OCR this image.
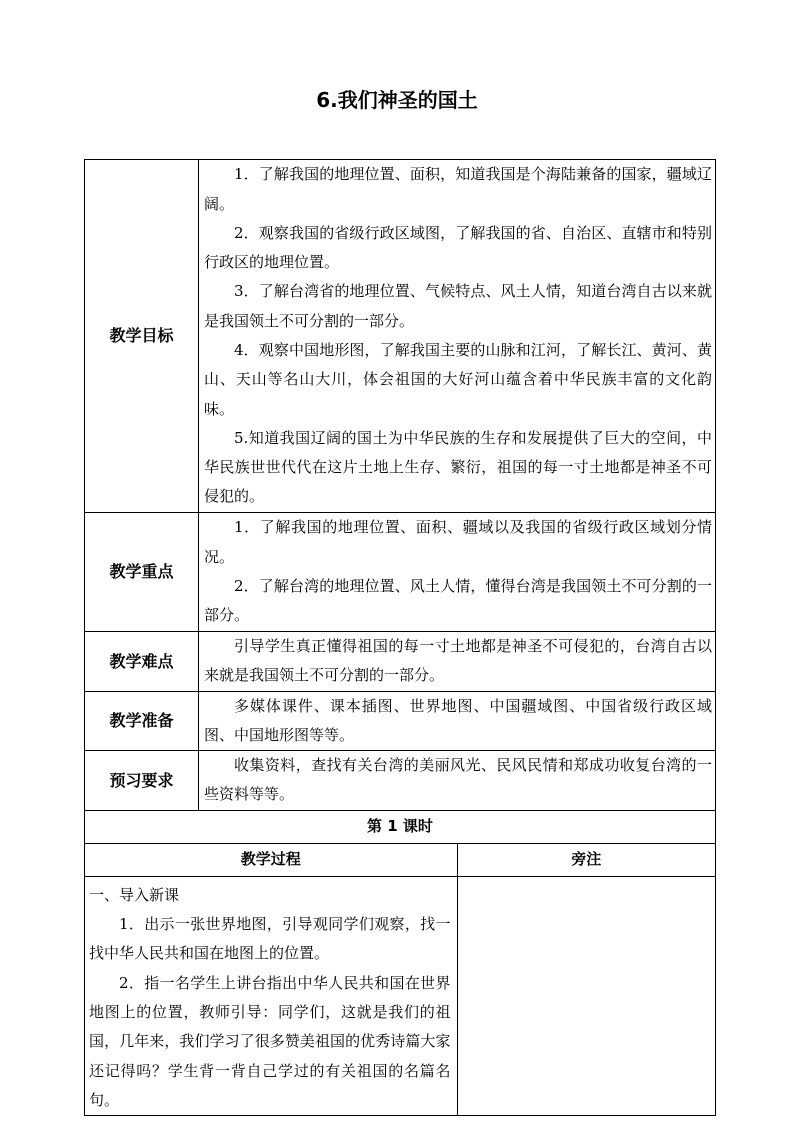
6.我们神圣的国土
教学目标	1．了解我国的地理位置、面积，知道我国是个海陆兼备的国家，疆域辽阔。

2．观察我国的省级行政区域图，了解我国的省、自治区、直辖市和特别行政区的地理位置。

3．了解台湾省的地理位置、气候特点、风土人情，知道台湾自古以来就是我国领土不可分割的一部分。

4．观察中国地形图，了解我国主要的山脉和江河，了解长江、黄河、黄山、天山等名山大川，体会祖国的大好河山蕴含着中华民族丰富的文化韵味。

5.知道我国辽阔的国土为中华民族的生存和发展提供了巨大的空间，中华民族世世代代在这片土地上生存、繁衍，祖国的每一寸土地都是神圣不可侵犯的。	

教学重点	1．了解我国的地理位置、面积、疆域以及我国的省级行政区域划分情况。

2．了解台湾的地理位置、风土人情，懂得台湾是我国领土不可分割的一部分。	

教学难点	引导学生真正懂得祖国的每一寸土地都是神圣不可侵犯的，台湾自古以来就是我国领土不可分割的一部分。	

教学准备	多媒体课件、课本插图、世界地图、中国疆域图、中国省级行政区域图、中国地形图等等。	

预习要求	收集资料，查找有关台湾的美丽风光、民风民情和郑成功收复台湾的一些资料等等。	

第 1 课时		
教学过程		旁注

一、导入新课

1．出示一张世界地图，引导观同学们观察，找一找中华人民共和国在地图上的位置。

2．指一名学生上讲台指出中华人民共和国在世界地图上的位置，教师引导：同学们，这就是我们的祖国，几年来，我们学习了很多赞美祖国的优秀诗篇大家还记得吗？学生背一背自己学过的有关祖国的名篇名句。		
